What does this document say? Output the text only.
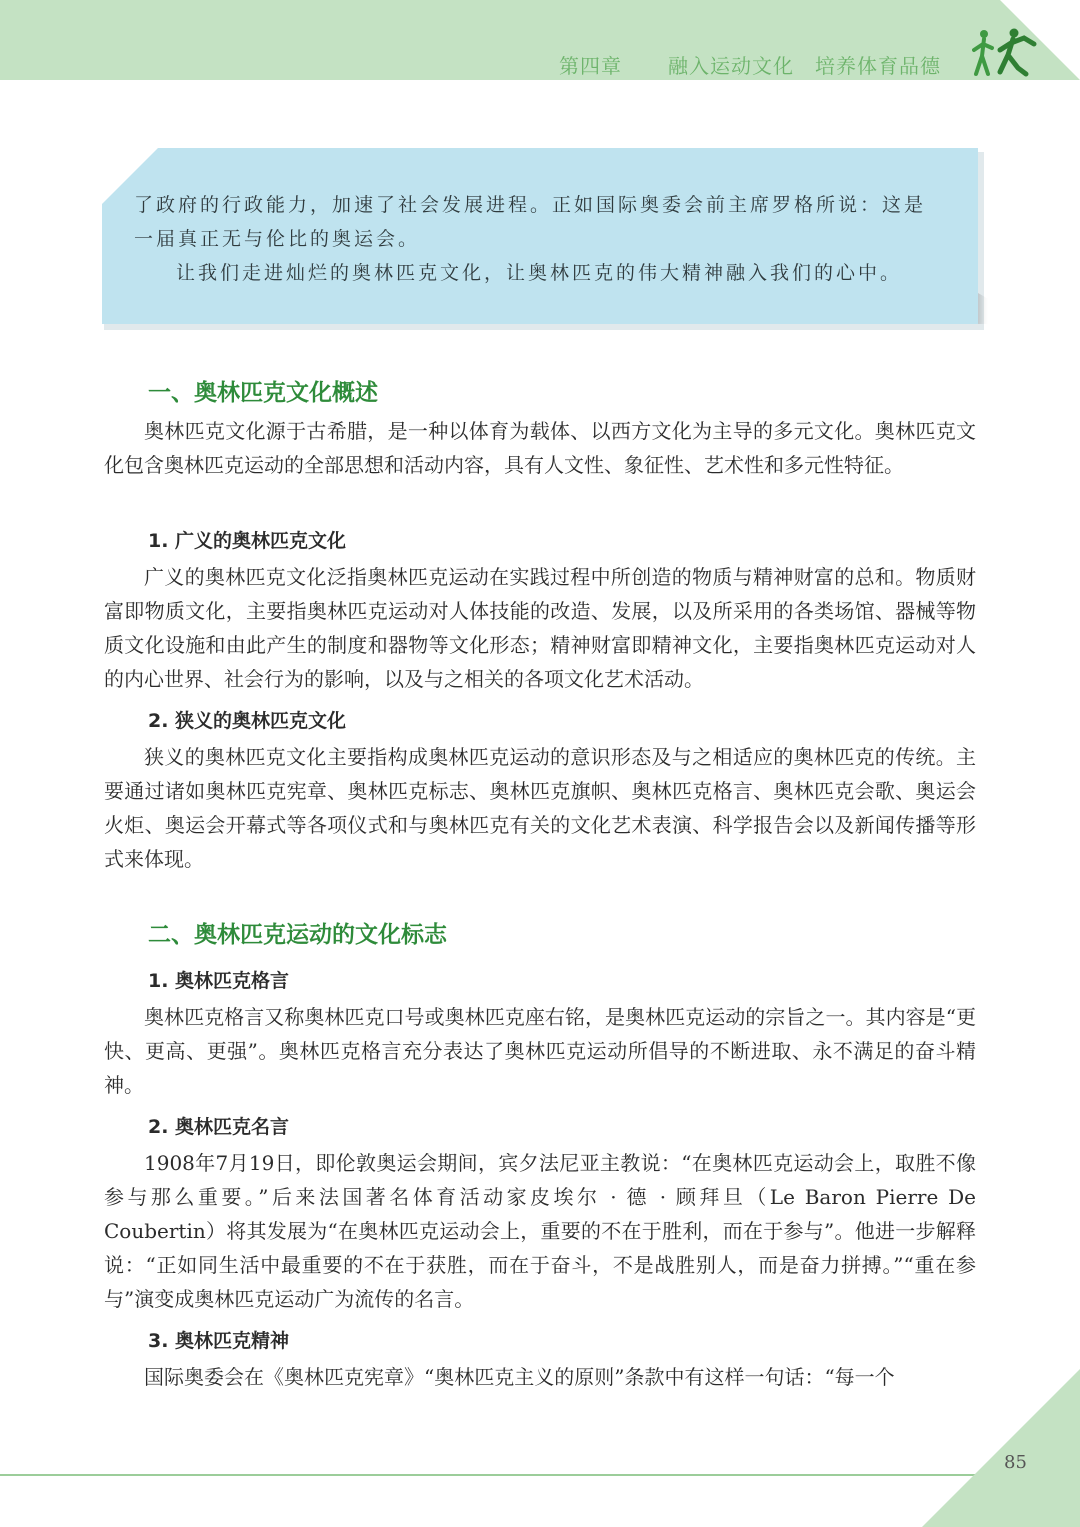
第四章 融入运动文化　培养体育品德
了政府的行政能力，加速了社会发展进程。正如国际奥委会前主席罗格所说：这是
一届真正无与伦比的奥运会。
让我们走进灿烂的奥林匹克文化，让奥林匹克的伟大精神融入我们的心中。
一、奥林匹克文化概述
奥林匹克文化源于古希腊，是一种以体育为载体、以西方文化为主导的多元文化。奥林匹克文化包含奥林匹克运动的全部思想和活动内容，具有人文性、象征性、艺术性和多元性特征。
1. 广义的奥林匹克文化
广义的奥林匹克文化泛指奥林匹克运动在实践过程中所创造的物质与精神财富的总和。物质财富即物质文化，主要指奥林匹克运动对人体技能的改造、发展，以及所采用的各类场馆、器械等物质文化设施和由此产生的制度和器物等文化形态；精神财富即精神文化，主要指奥林匹克运动对人的内心世界、社会行为的影响，以及与之相关的各项文化艺术活动。
2. 狭义的奥林匹克文化
狭义的奥林匹克文化主要指构成奥林匹克运动的意识形态及与之相适应的奥林匹克的传统。主要通过诸如奥林匹克宪章、奥林匹克标志、奥林匹克旗帜、奥林匹克格言、奥林匹克会歌、奥运会火炬、奥运会开幕式等各项仪式和与奥林匹克有关的文化艺术表演、科学报告会以及新闻传播等形式来体现。
二、奥林匹克运动的文化标志
1. 奥林匹克格言
奥林匹克格言又称奥林匹克口号或奥林匹克座右铭，是奥林匹克运动的宗旨之一。其内容是“更快、更高、更强”。奥林匹克格言充分表达了奥林匹克运动所倡导的不断进取、永不满足的奋斗精神。
2. 奥林匹克名言
1908年7月19日，即伦敦奥运会期间，宾夕法尼亚主教说：“在奥林匹克运动会上，取胜不像参与那么重要。”后来法国著名体育活动家皮埃尔 · 德 · 顾拜旦（Le Baron Pierre De Coubertin）将其发展为“在奥林匹克运动会上，重要的不在于胜利，而在于参与”。他进一步解释说：“正如同生活中最重要的不在于获胜，而在于奋斗，不是战胜别人，而是奋力拼搏。”“重在参与”演变成奥林匹克运动广为流传的名言。
3. 奥林匹克精神
国际奥委会在《奥林匹克宪章》“奥林匹克主义的原则”条款中有这样一句话：“每一个
85
